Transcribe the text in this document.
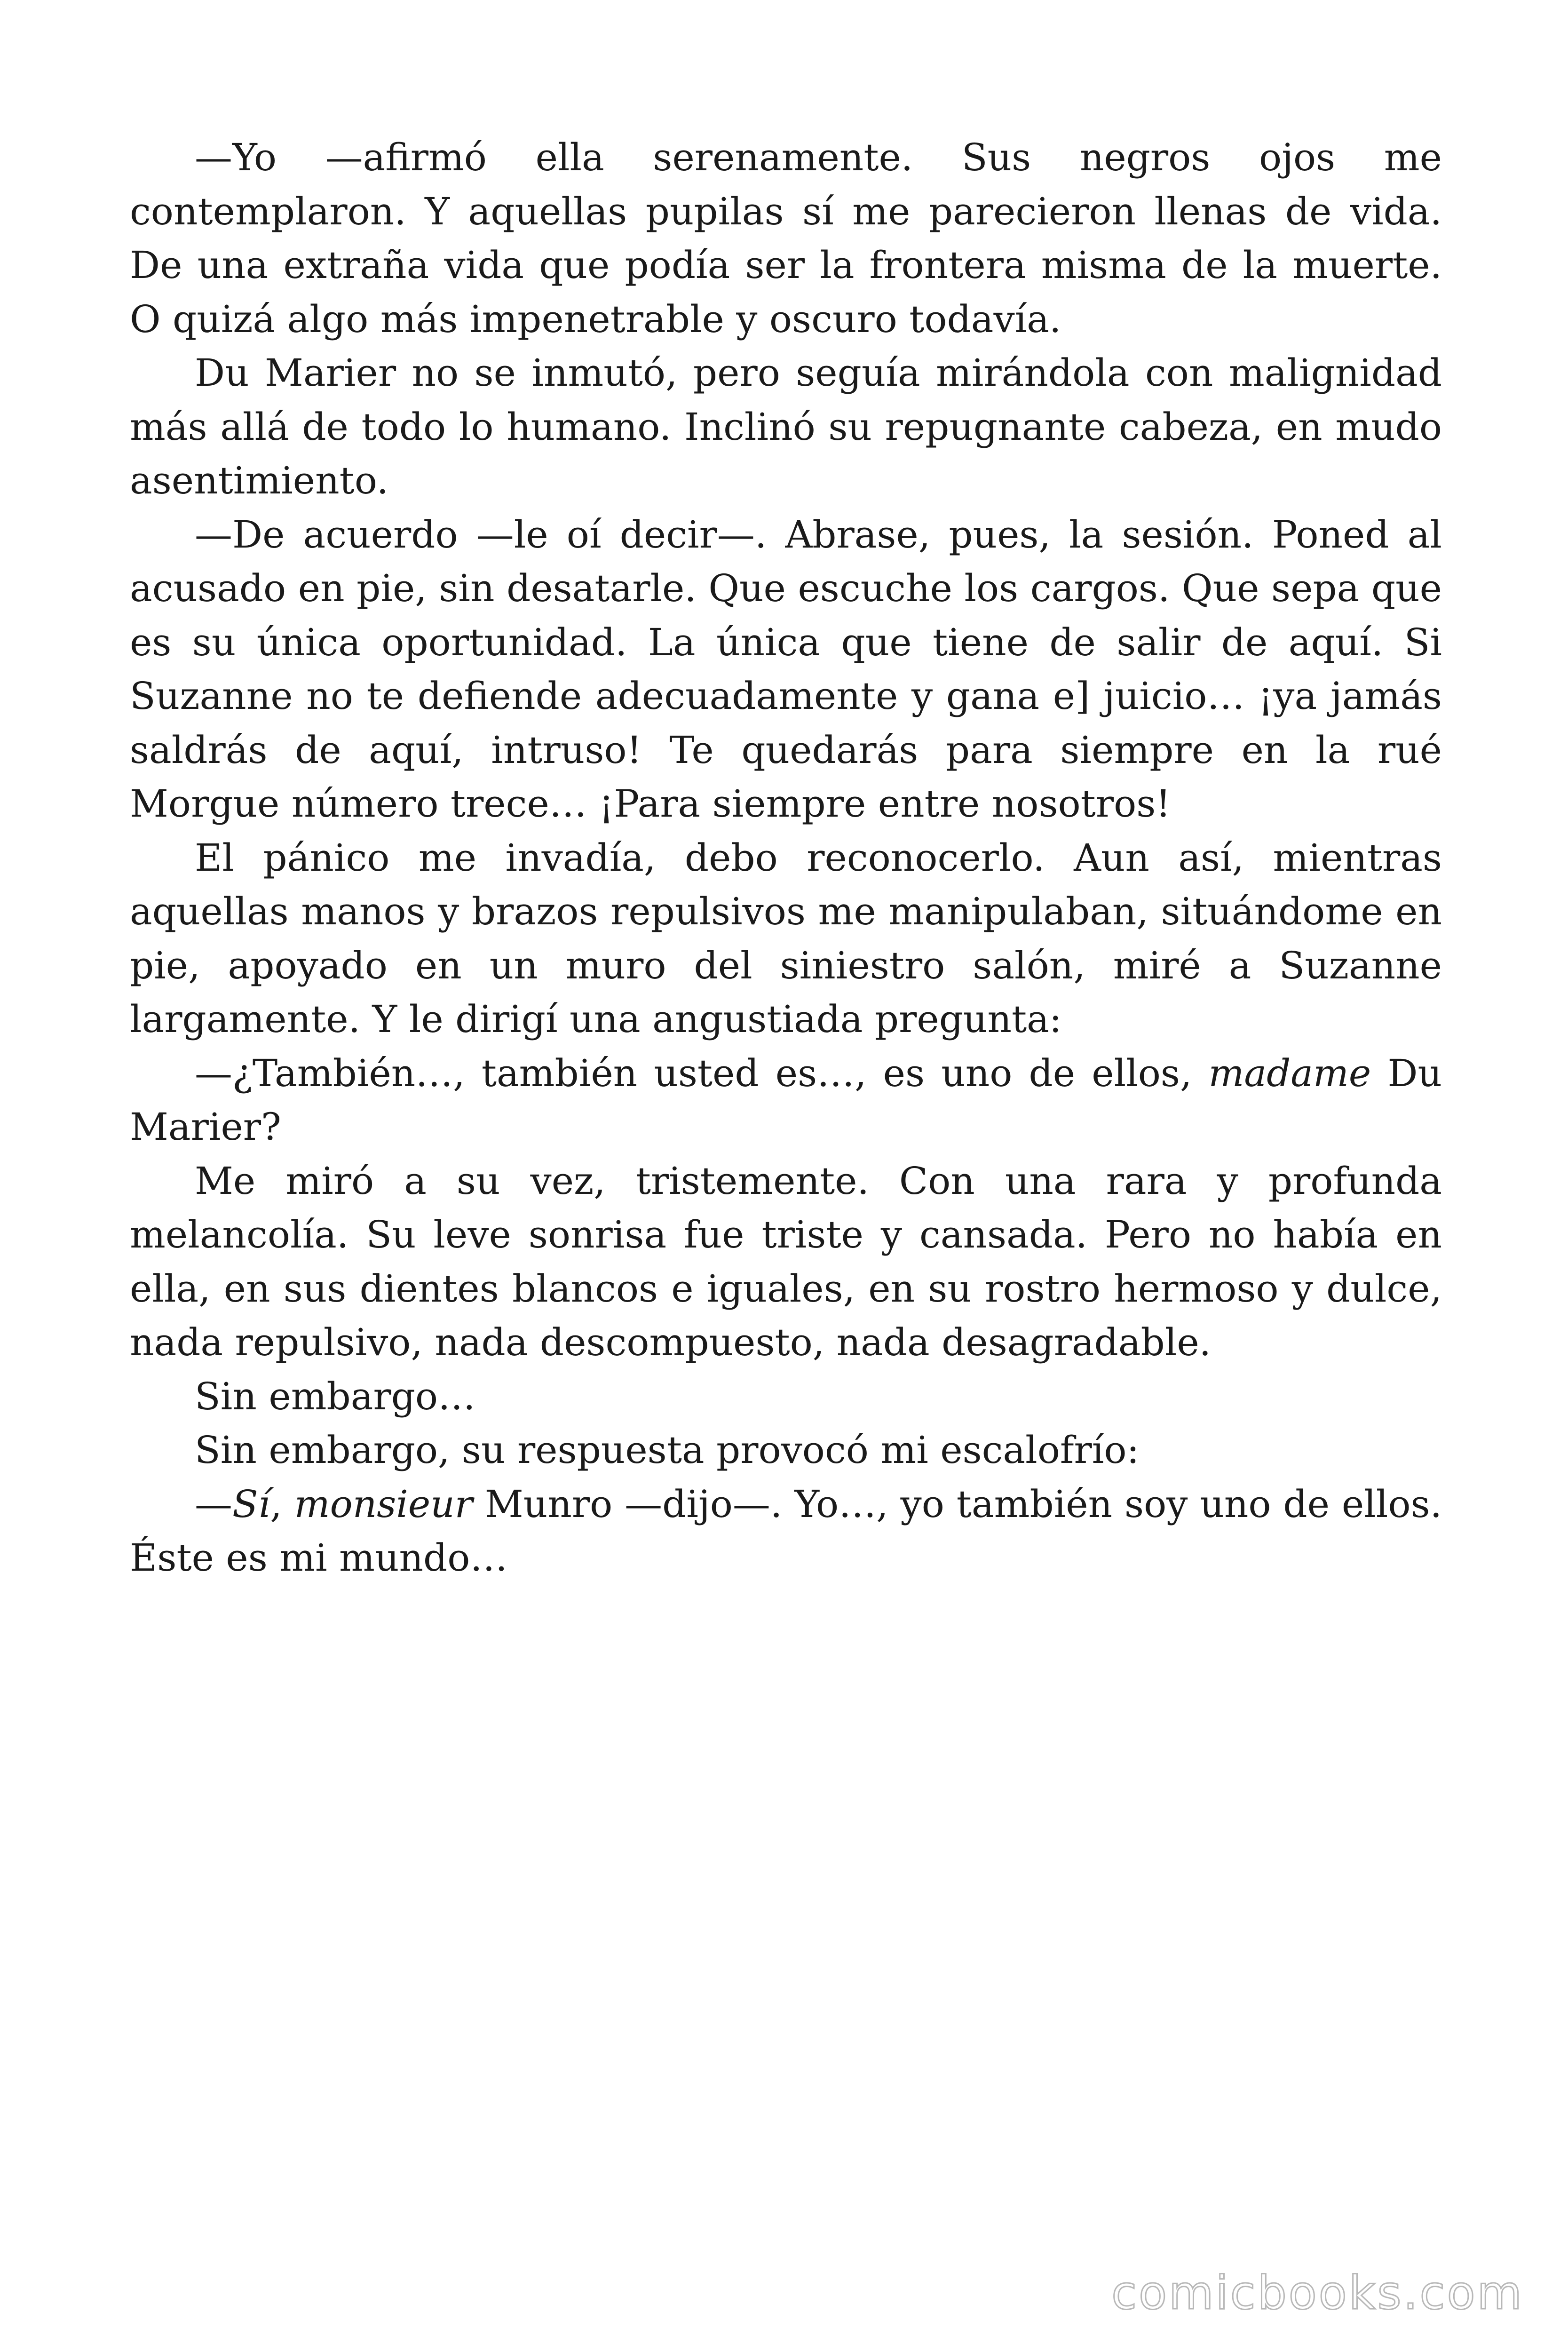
—Yo —afirmó ella serenamente. Sus negros ojos me contemplaron. Y aquellas pupilas sí me parecieron llenas de vida. De una extraña vida que podía ser la frontera misma de la muerte. O quizá algo más impenetrable y oscuro todavía.

Du Marier no se inmutó, pero seguía mirándola con malignidad más allá de todo lo humano. Inclinó su repugnante cabeza, en mudo asentimiento.

—De acuerdo —le oí decir—. Abrase, pues, la sesión. Poned al acusado en pie, sin desatarle. Que escuche los cargos. Que sepa que es su única oportunidad. La única que tiene de salir de aquí. Si Suzanne no te defiende adecuadamente y gana e] juicio… ¡ya jamás saldrás de aquí, intruso! Te quedarás para siempre en la rué Morgue número trece… ¡Para siempre entre nosotros!

El pánico me invadía, debo reconocerlo. Aun así, mientras aquellas manos y brazos repulsivos me manipulaban, situándome en pie, apoyado en un muro del siniestro salón, miré a Suzanne largamente. Y le dirigí una angustiada pregunta:

—¿También…, también usted es…, es uno de ellos, madame Du Marier?

Me miró a su vez, tristemente. Con una rara y profunda melancolía. Su leve sonrisa fue triste y cansada. Pero no había en ella, en sus dientes blancos e iguales, en su rostro hermoso y dulce, nada repulsivo, nada descompuesto, nada desagradable.

Sin embargo…

Sin embargo, su respuesta provocó mi escalofrío:

—Sí, monsieur Munro —dijo—. Yo…, yo también soy uno de ellos. Éste es mi mundo…

comicbooks.com
